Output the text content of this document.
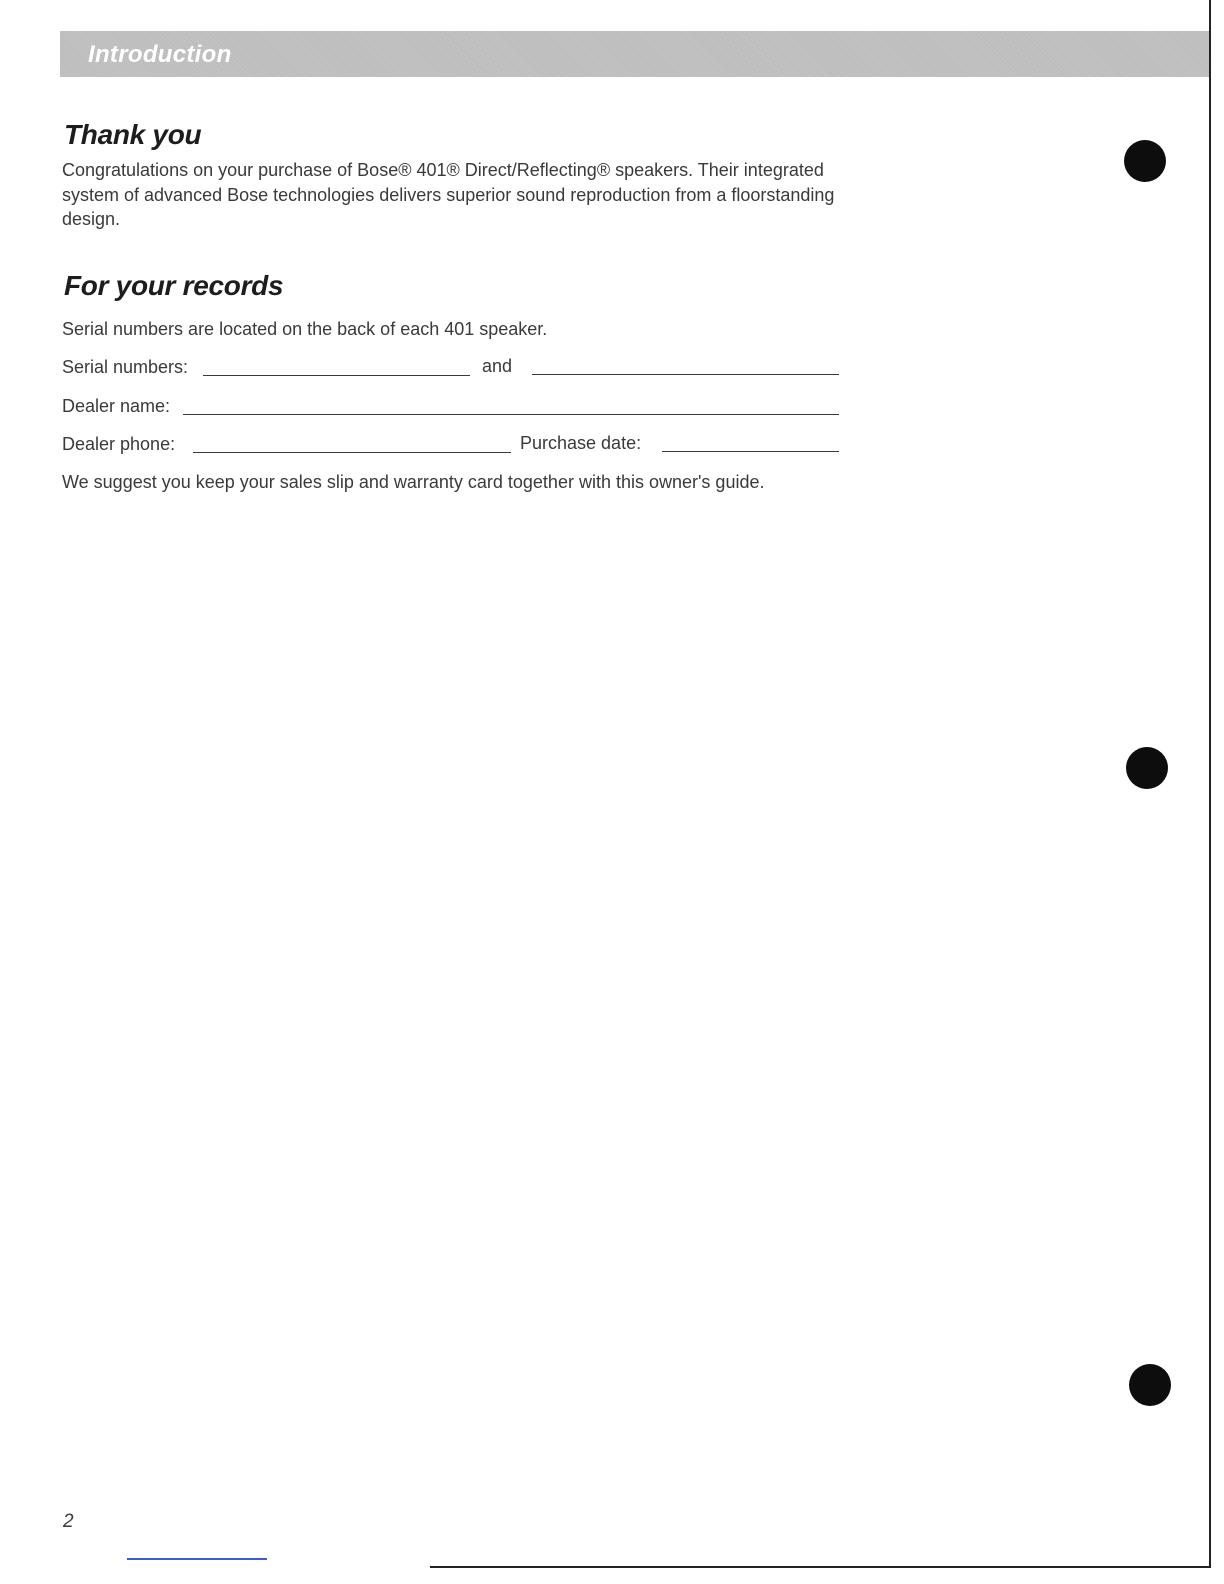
Introduction
Thank you

Congratulations on your purchase of Bose® 401® Direct/Reflecting® speakers. Their integrated system of advanced Bose technologies delivers superior sound reproduction from a floorstanding design.

For your records

Serial numbers are located on the back of each 401 speaker.

Serial numbers:	and
Dealer name:
Dealer phone:	Purchase date:

We suggest you keep your sales slip and warranty card together with this owner's guide.

2
